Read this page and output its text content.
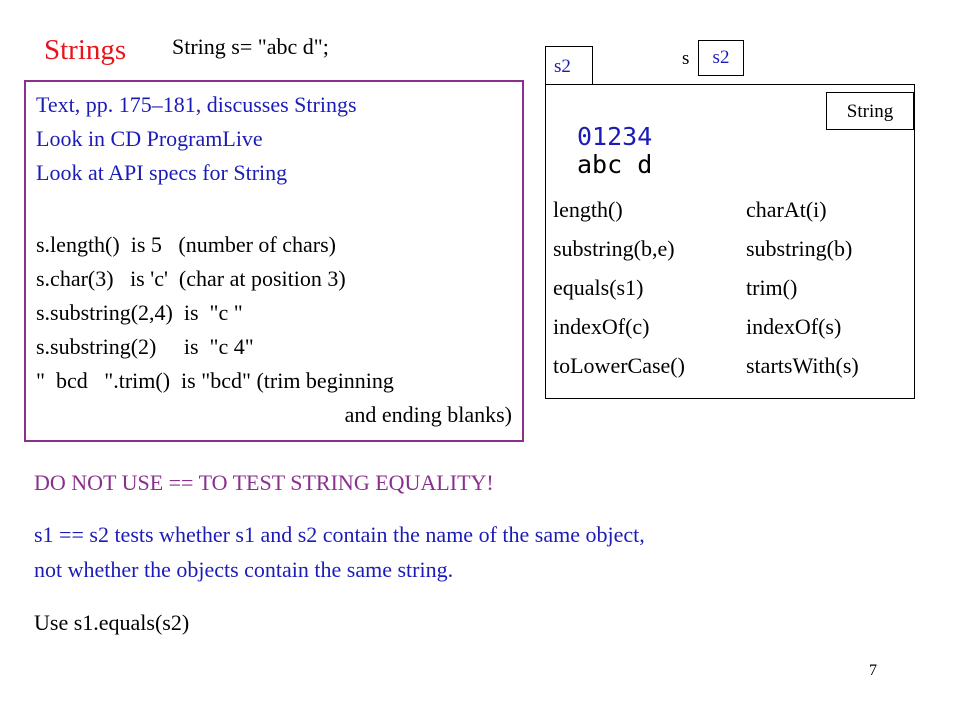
Strings String s= "abc d";
Text, pp. 175–181, discusses Strings
Look in CD ProgramLive
Look at API specs for String
s.length()  is 5   (number of chars)
s.char(3)   is 'c'  (char at position 3)
s.substring(2,4)  is  "c "
s.substring(2)     is  "c 4"
"  bcd   ".trim()  is "bcd" (trim beginning
and ending blanks)
s	s2
s2
String
01234
abc d
length()
substring(b,e)
equals(s1)
indexOf(c)
toLowerCase()
charAt(i)
substring(b)
trim()
indexOf(s)
startsWith(s)
DO NOT USE == TO TEST STRING EQUALITY!
s1 == s2 tests whether s1 and s2 contain the name of the same object,
not whether the objects contain the same string.
Use s1.equals(s2)
7
